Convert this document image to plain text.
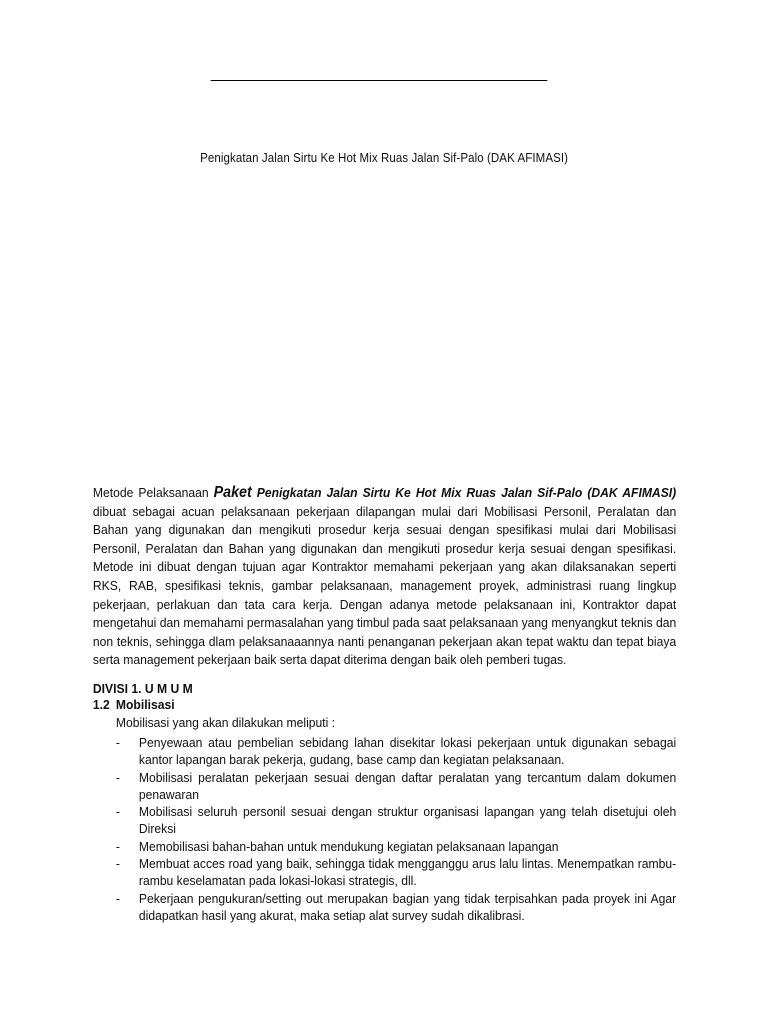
Penigkatan Jalan Sirtu Ke Hot Mix Ruas Jalan Sif-Palo (DAK AFIMASI)

Metode Pelaksanaan Paket Penigkatan Jalan Sirtu Ke Hot Mix Ruas Jalan Sif-Palo (DAK AFIMASI) dibuat sebagai acuan pelaksanaan pekerjaan dilapangan mulai dari Mobilisasi Personil, Peralatan dan Bahan yang digunakan dan mengikuti prosedur kerja sesuai dengan spesifikasi mulai dari Mobilisasi Personil, Peralatan dan Bahan yang digunakan dan mengikuti prosedur kerja sesuai dengan spesifikasi. Metode ini dibuat dengan tujuan agar Kontraktor memahami pekerjaan yang akan dilaksanakan seperti RKS, RAB, spesifikasi teknis, gambar pelaksanaan, management proyek, administrasi ruang lingkup pekerjaan, perlakuan dan tata cara kerja. Dengan adanya metode pelaksanaan ini, Kontraktor dapat mengetahui dan memahami permasalahan yang timbul pada saat pelaksanaan yang menyangkut teknis dan non teknis, sehingga dlam pelaksanaaannya nanti penanganan pekerjaan akan tepat waktu dan tepat biaya serta management pekerjaan baik serta dapat diterima dengan baik oleh pemberi tugas.

DIVISI 1. U M U M

1.2 Mobilisasi

Mobilisasi yang akan dilakukan meliputi :

- Penyewaan atau pembelian sebidang lahan disekitar lokasi pekerjaan untuk digunakan sebagai kantor lapangan barak pekerja, gudang, base camp dan kegiatan pelaksanaan.
- Mobilisasi peralatan pekerjaan sesuai dengan daftar peralatan yang tercantum dalam dokumen penawaran
- Mobilisasi seluruh personil sesuai dengan struktur organisasi lapangan yang telah disetujui oleh Direksi
- Memobilisasi bahan-bahan untuk mendukung kegiatan pelaksanaan lapangan
- Membuat acces road yang baik, sehingga tidak mengganggu arus lalu lintas. Menempatkan rambu-rambu keselamatan pada lokasi-lokasi strategis, dll.
- Pekerjaan pengukuran/setting out merupakan bagian yang tidak terpisahkan pada proyek ini Agar didapatkan hasil yang akurat, maka setiap alat survey sudah dikalibrasi.
